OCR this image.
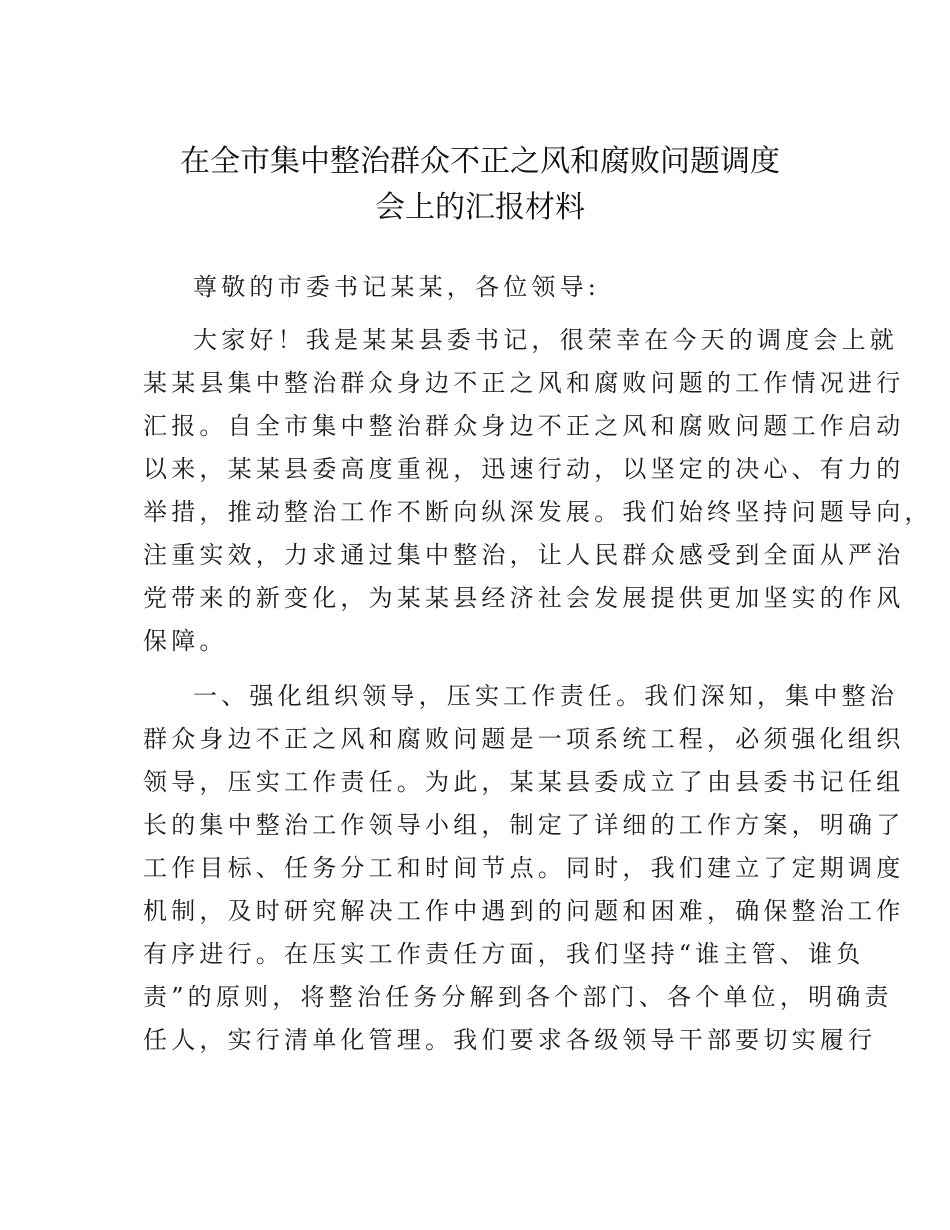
在全市集中整治群众不正之风和腐败问题调度
会上的汇报材料
尊敬的市委书记某某，各位领导:
大家好！我是某某县委书记，很荣幸在今天的调度会上就
某某县集中整治群众身边不正之风和腐败问题的工作情况进行
汇报。自全市集中整治群众身边不正之风和腐败问题工作启动
以来，某某县委高度重视，迅速行动，以坚定的决心、有力的
举措，推动整治工作不断向纵深发展。我们始终坚持问题导向，
注重实效，力求通过集中整治，让人民群众感受到全面从严治
党带来的新变化，为某某县经济社会发展提供更加坚实的作风
保障。
一、强化组织领导，压实工作责任。我们深知，集中整治
群众身边不正之风和腐败问题是一项系统工程，必须强化组织
领导，压实工作责任。为此，某某县委成立了由县委书记任组
长的集中整治工作领导小组，制定了详细的工作方案，明确了
工作目标、任务分工和时间节点。同时，我们建立了定期调度
机制，及时研究解决工作中遇到的问题和困难，确保整治工作
有序进行。在压实工作责任方面，我们坚持“谁主管、谁负
责”的原则，将整治任务分解到各个部门、各个单位，明确责
任人，实行清单化管理。我们要求各级领导干部要切实履行
